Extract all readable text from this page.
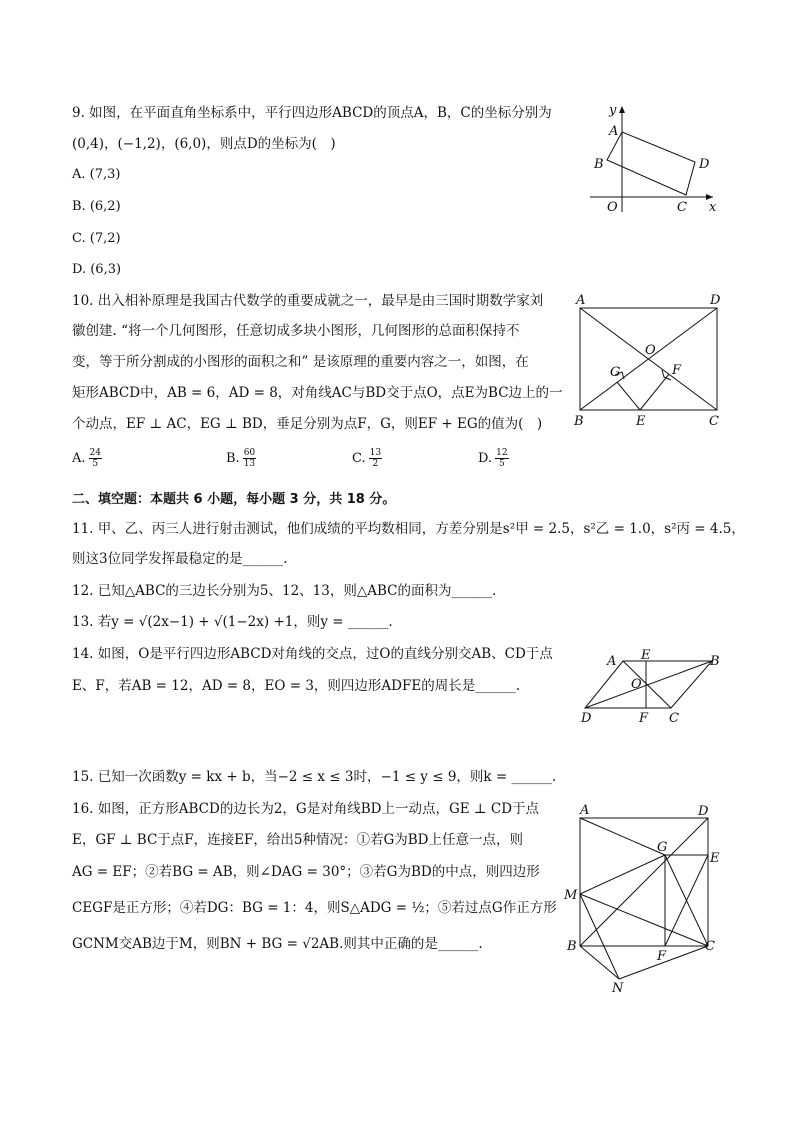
9. 如图，在平面直角坐标系中，平行四边形ABCD的顶点A，B，C的坐标分别为
(0,4)，(−1,2)，(6,0)，则点D的坐标为(　)
A. (7,3)
B. (6,2)
C. (7,2)
D. (6,3)
y
A
B	D
O	C x
10. 出入相补原理是我国古代数学的重要成就之一，最早是由三国时期数学家刘
徽创建. “将一个几何图形，任意切成多块小图形，几何图形的总面积保持不
变，等于所分割成的小图形的面积之和” 是该原理的重要内容之一，如图，在
矩形ABCD中，AB = 6，AD = 8，对角线AC与BD交于点O，点E为BC边上的一
个动点，EF ⊥ AC，EG ⊥ BD，垂足分别为点F，G，则EF + EG的值为(　)
A. $\frac{24}{5}$	B. $\frac{60}{13}$	C. $\frac{13}{2}$	D. $\frac{12}{5}$
A	D
O
G	F
B	E	C
二、填空题：本题共 6 小题，每小题 3 分，共 18 分。
11. 甲、乙、丙三人进行射击测试，他们成绩的平均数相同，方差分别是s²甲 = 2.5，s²乙 = 1.0，s²丙 = 4.5，
则这3位同学发挥最稳定的是______.
12. 已知△ABC的三边长分别为5、12、13，则△ABC的面积为______.
13. 若y = √(2x−1) + √(1−2x) +1，则y = ______.
14. 如图，O是平行四边形ABCD对角线的交点，过O的直线分别交AB、CD于点
E、F，若AB = 12，AD = 8，EO = 3，则四边形ADFE的周长是______.
A E	B
O
D	F C
15. 已知一次函数y = kx + b，当−2 ≤ x ≤ 3时，−1 ≤ y ≤ 9，则k = ______.
16. 如图，正方形ABCD的边长为2，G是对角线BD上一动点，GE ⊥ CD于点
E，GF ⊥ BC于点F，连接EF，给出5种情况：①若G为BD上任意一点，则
AG = EF；②若BG = AB，则∠DAG = 30°；③若G为BD的中点，则四边形
CEGF是正方形；④若DG：BG = 1：4，则S△ADG = ½；⑤若过点G作正方形
GCNM交AB边于M，则BN + BG = √2AB.则其中正确的是______.
A	D
G
E
M
B
F
C
N
